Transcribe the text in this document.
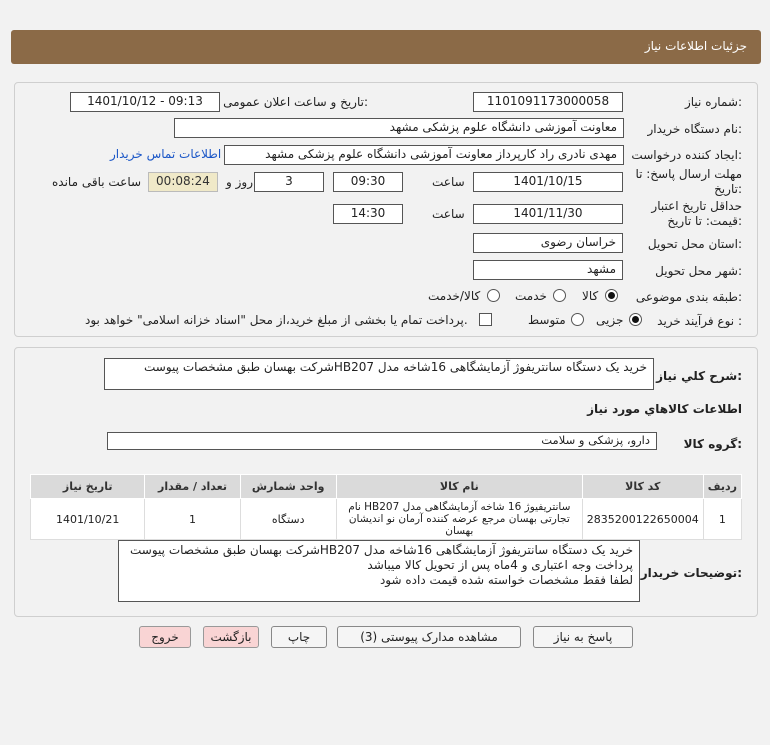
جزئیات اطلاعات نیاز
شماره نیاز:
1101091173000058
تاریخ و ساعت اعلان عمومی:
1401/10/12 - 09:13
نام دستگاه خریدار:
معاونت آموزشی دانشگاه علوم پزشکی مشهد
ایجاد کننده درخواست:
مهدی نادری راد کارپرداز معاونت آموزشی دانشگاه علوم پزشکی مشهد
اطلاعات تماس خریدار
مهلت ارسال پاسخ: تا
تاریخ:
1401/10/15
ساعت
09:30
3
روز و
00:08:24
ساعت باقی مانده
حداقل تاریخ اعتبار
قیمت: تا تاریخ:
1401/11/30
ساعت
14:30
استان محل تحویل:
خراسان رضوی
شهر محل تحویل:
مشهد
طبقه بندی موضوعی:
کالا
خدمت
کالا/خدمت
نوع فرآیند خرید :
جزیی
متوسط
پرداخت تمام یا بخشی از مبلغ خرید،از محل "اسناد خزانه اسلامی" خواهد بود.
شرح کلي نياز:
خرید یک دستگاه سانتریفوژ آزمایشگاهی 16شاخه مدل HB207شرکت بهسان طبق مشخصات پیوست
اطلاعات کالاهاي مورد نياز
گروه کالا:
دارو، پزشکی و سلامت
ردیف	کد کالا	نام کالا	واحد شمارش	تعداد / مقدار	تاریخ نیاز
1	2835200122650004	سانتریفیوژ 16 شاخه آزمایشگاهی مدل HB207 نام تجارتی بهسان مرجع عرضه کننده آرمان نو اندیشان بهسان	دستگاه	1	1401/10/21
توضیحات خریدار:
خرید یک دستگاه سانتریفوژ آزمایشگاهی 16شاخه مدل HB207شرکت بهسان طبق مشخصات پیوست
پرداخت وجه اعتباری و 4ماه پس از تحویل کالا میباشد
لطفا فقط مشخصات خواسته شده قیمت داده شود
پاسخ به نیاز
مشاهده مدارک پیوستی (3)
چاپ
بازگشت
خروج
